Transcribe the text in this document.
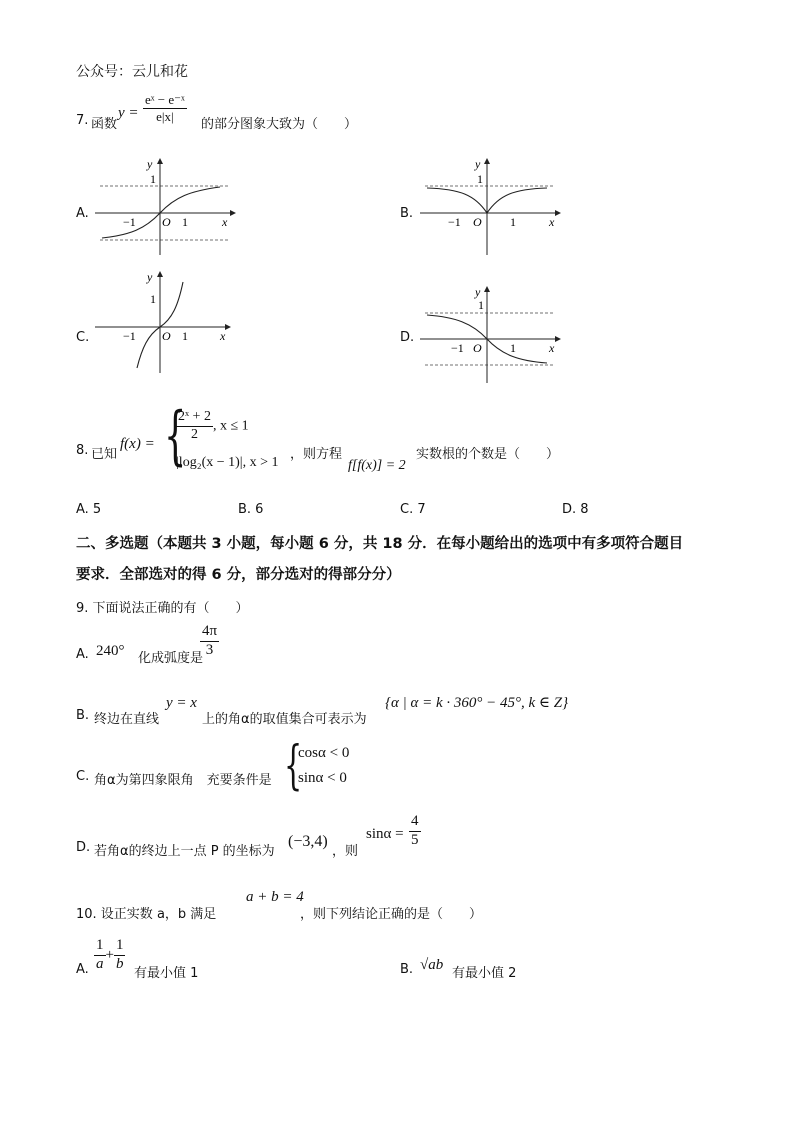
公众号：云儿和花
7. 函数
$y = \frac{\text{eˣ − e⁻ˣ}}{e|x|}$
的部分图象大致为（　　）
A.	B.
C.	D.
y
1
−1 O 1	x
y
1
−1 O 1	x
y
1
−1 O 1	x
y
1
−1 O 1	x
8. 已知
f(x) = {
$\frac{\text{2ˣ + 2}}{2}$ , x ≤ 1
|log₂(x − 1)|, x > 1
，则方程
f[f(x)] = 2
实数根的个数是（　　）
A. 5	B. 6	C. 7	D. 8
二、多选题（本题共 3 小题，每小题 6 分，共 18 分．在每小题给出的选项中有多项符合题目
要求．全部选对的得 6 分，部分选对的得部分分）
9. 下面说法正确的有（　　）
A. 240° 化成弧度是
$\frac{4\pi}{3}$
B. 终边在直线
y = x
上的角α的取值集合可表示为
{α | α = k · 360° − 45°, k ∈ Z}
C. 角α为第四象限角　充要条件是 {
cosα < 0
sinα < 0
D. 若角α的终边上一点 P 的坐标为
(−3,4)
，则
$\sin\alpha = \frac{4}{5}$
10. 设正实数 a，b 满足
a + b = 4
，则下列结论正确的是（　　）
A. $\frac{1}{a} + \frac{1}{b}$
有最小值 1	B. √ab
有最小值 2
